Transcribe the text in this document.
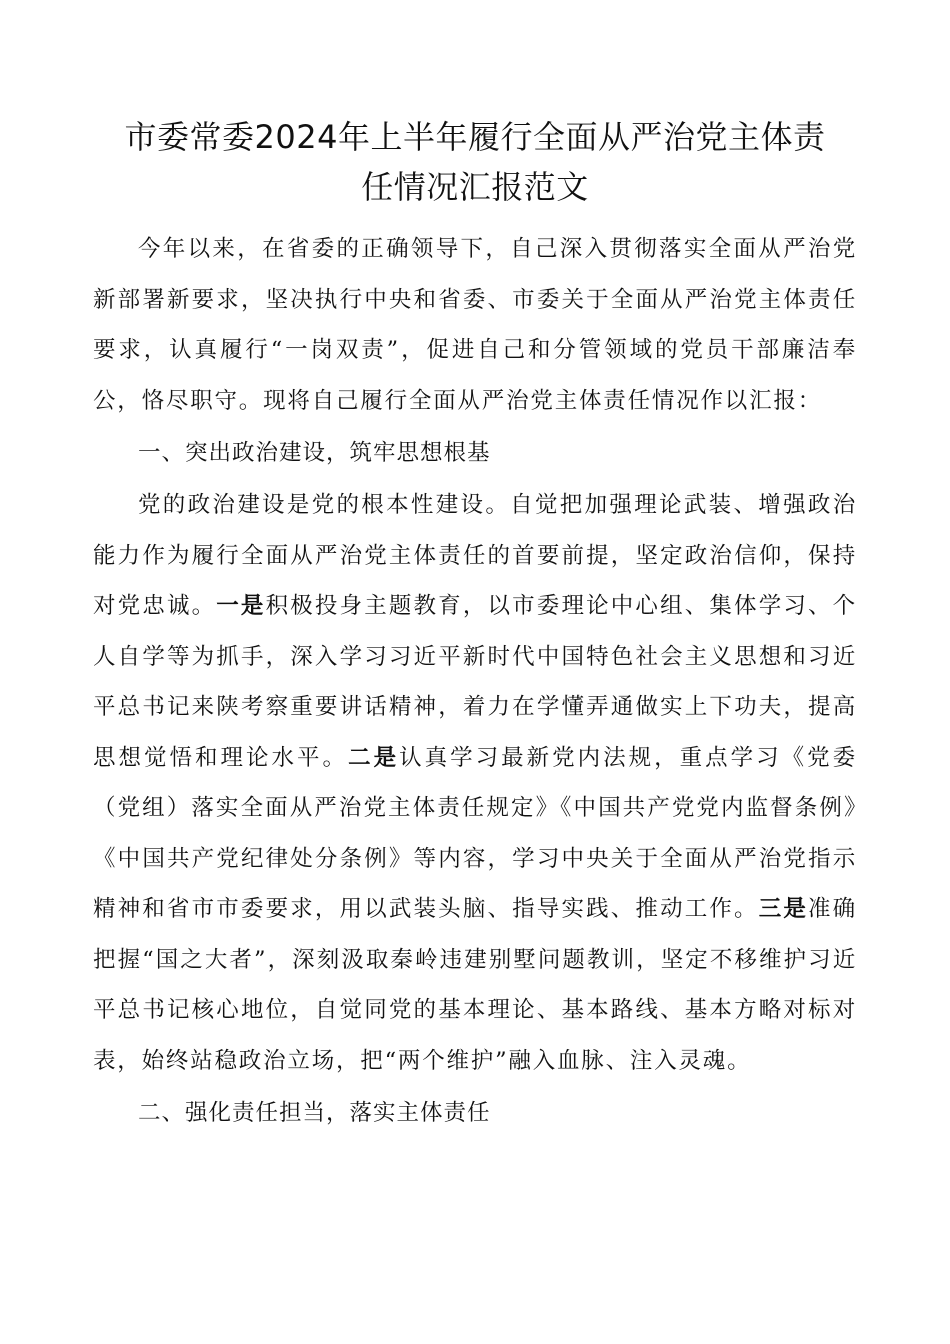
市委常委2024年上半年履行全面从严治党主体责
任情况汇报范文

今年以来，在省委的正确领导下，自己深入贯彻落实全面从严治党新部署新要求，坚决执行中央和省委、市委关于全面从严治党主体责任要求，认真履行“一岗双责”，促进自己和分管领域的党员干部廉洁奉公，恪尽职守。现将自己履行全面从严治党主体责任情况作以汇报：

一、突出政治建设，筑牢思想根基

党的政治建设是党的根本性建设。自觉把加强理论武装、增强政治能力作为履行全面从严治党主体责任的首要前提，坚定政治信仰，保持对党忠诚。一是积极投身主题教育，以市委理论中心组、集体学习、个人自学等为抓手，深入学习习近平新时代中国特色社会主义思想和习近平总书记来陕考察重要讲话精神，着力在学懂弄通做实上下功夫，提高思想觉悟和理论水平。二是认真学习最新党内法规，重点学习《党委（党组）落实全面从严治党主体责任规定》《中国共产党党内监督条例》《中国共产党纪律处分条例》等内容，学习中央关于全面从严治党指示精神和省市市委要求，用以武装头脑、指导实践、推动工作。三是准确把握“国之大者”，深刻汲取秦岭违建别墅问题教训，坚定不移维护习近平总书记核心地位，自觉同党的基本理论、基本路线、基本方略对标对表，始终站稳政治立场，把“两个维护”融入血脉、注入灵魂。

二、强化责任担当，落实主体责任
